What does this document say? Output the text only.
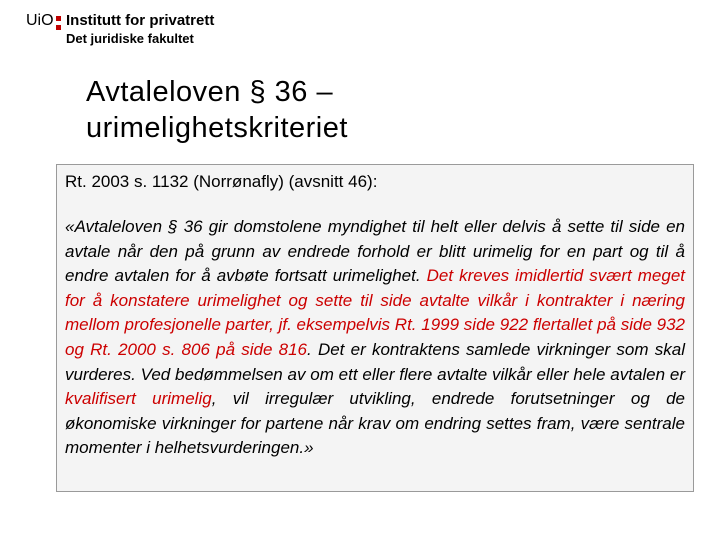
UiO Institutt for privatrett
Det juridiske fakultet
Avtaleloven § 36 –
urimelighetskriteriet

Rt. 2003 s. 1132 (Norrønafly) (avsnitt 46):

«Avtaleloven § 36 gir domstolene myndighet til helt eller delvis å sette til side en avtale når den på grunn av endrede forhold er blitt urimelig for en part og til å endre avtalen for å avbøte fortsatt urimelighet. Det kreves imidlertid svært meget for å konstatere urimelighet og sette til side avtalte vilkår i kontrakter i næring mellom profesjonelle parter, jf. eksempelvis Rt. 1999 side 922 flertallet på side 932 og Rt. 2000 s. 806 på side 816. Det er kontraktens samlede virkninger som skal vurderes. Ved bedømmelsen av om ett eller flere avtalte vilkår eller hele avtalen er kvalifisert urimelig, vil irregulær utvikling, endrede forutsetninger og de økonomiske virkninger for partene når krav om endring settes fram, være sentrale momenter i helhetsvurderingen.»
